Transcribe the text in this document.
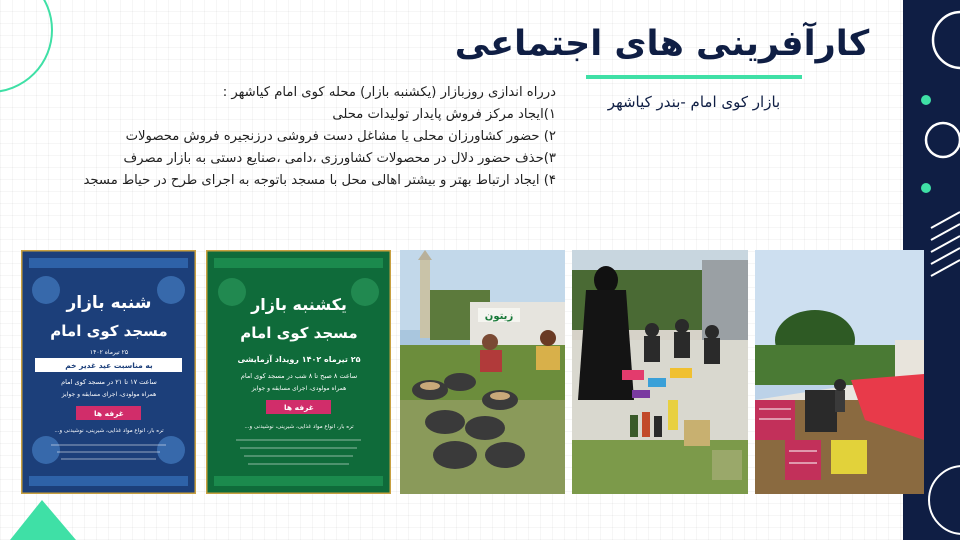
کارآفرینی های اجتماعی
بازار کوی امام -بندر کیاشهر

درراه اندازی روزبازار (یکشنبه بازار) محله کوی امام کیاشهر :

۱)ایجاد مرکز فروش پایدار تولیدات محلی

۲) حضور کشاورزان محلی یا مشاغل دست فروشی درزنجیره فروش محصولات

۳)حذف حضور دلال در محصولات کشاورزی ،دامی ،صنایع دستی به بازار مصرف

۴) ایجاد ارتباط بهتر و بیشتر اهالی محل با مسجد باتوجه به اجرای طرح در حیاط مسجد

شنبه بازار
مسجد کوی امام
۲۵ تیرماه ۱۴۰۲
به مناسبت عید غدیر خم
ساعت ۱۷ تا ۲۱ در مسجد کوی امام
همراه مولودی، اجرای مسابقه و جوایز
غرفه ها
تره بار، انواع مواد غذایی، شیرینی، نوشیدنی و...
یکشنبه بازار
مسجد کوی امام
۲۵ تیرماه ۱۴۰۲ رویداد آزمایشی
ساعت ۸ صبح تا ۸ شب در مسجد کوی امام
همراه مولودی، اجرای مسابقه و جوایز
غرفه ها
تره بار، انواع مواد غذایی، شیرینی، نوشیدنی و...
زیتون
